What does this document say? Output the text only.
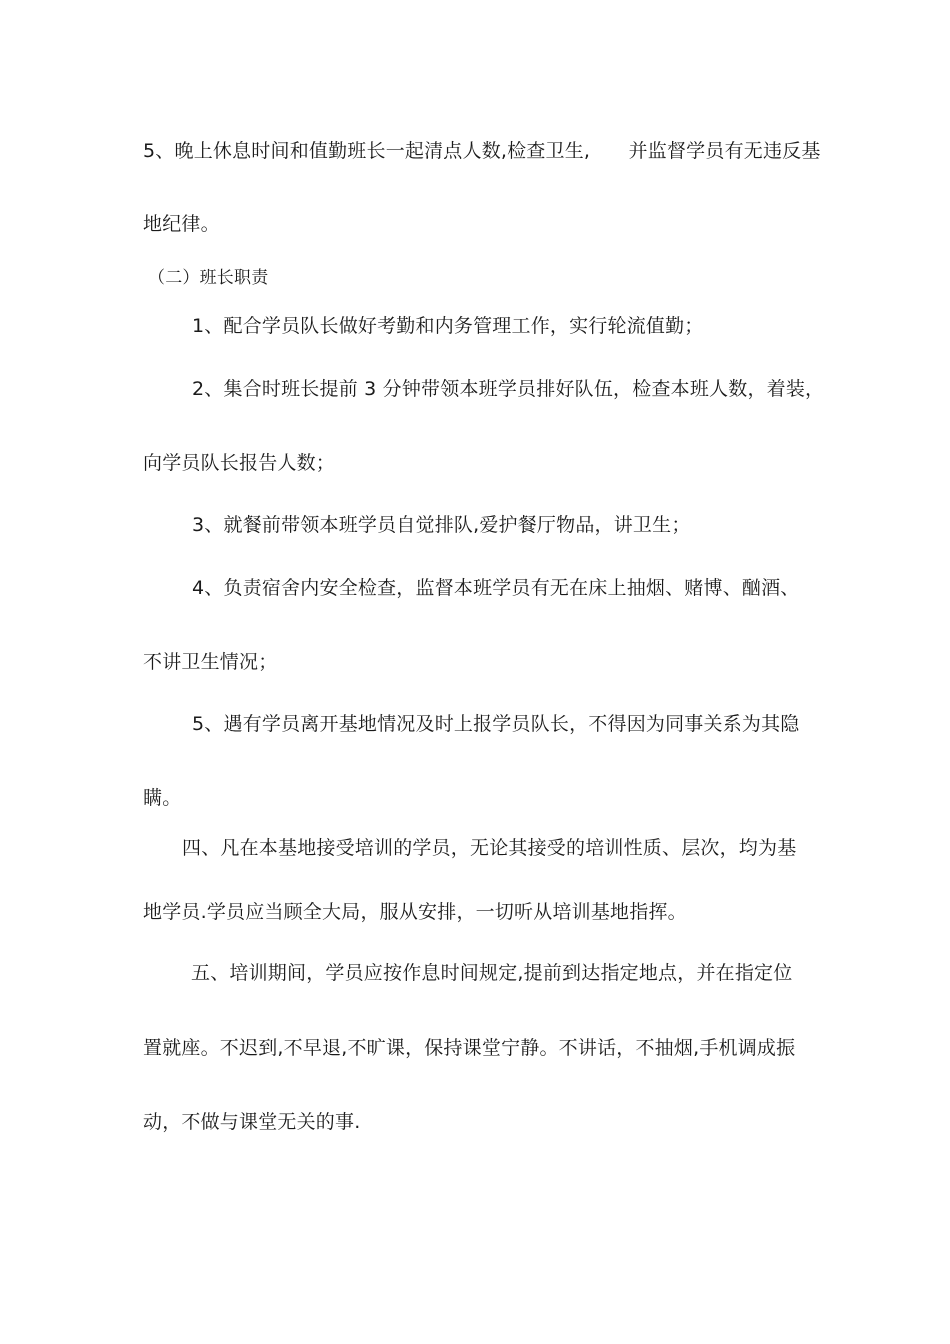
5、晚上休息时间和值勤班长一起清点人数,检查卫生,　　并监督学员有无违反基
地纪律。
（二）班长职责
1、配合学员队长做好考勤和内务管理工作，实行轮流值勤；
2、集合时班长提前 3 分钟带领本班学员排好队伍，检查本班人数，着装，
向学员队长报告人数；
3、就餐前带领本班学员自觉排队,爱护餐厅物品，讲卫生；
4、负责宿舍内安全检查，监督本班学员有无在床上抽烟、赌博、酗酒、
不讲卫生情况；
5、遇有学员离开基地情况及时上报学员队长，不得因为同事关系为其隐
瞒。
四、凡在本基地接受培训的学员，无论其接受的培训性质、层次，均为基
地学员.学员应当顾全大局，服从安排，一切听从培训基地指挥。
五、培训期间，学员应按作息时间规定,提前到达指定地点，并在指定位
置就座。不迟到,不早退,不旷课，保持课堂宁静。不讲话，不抽烟,手机调成振
动，不做与课堂无关的事.
